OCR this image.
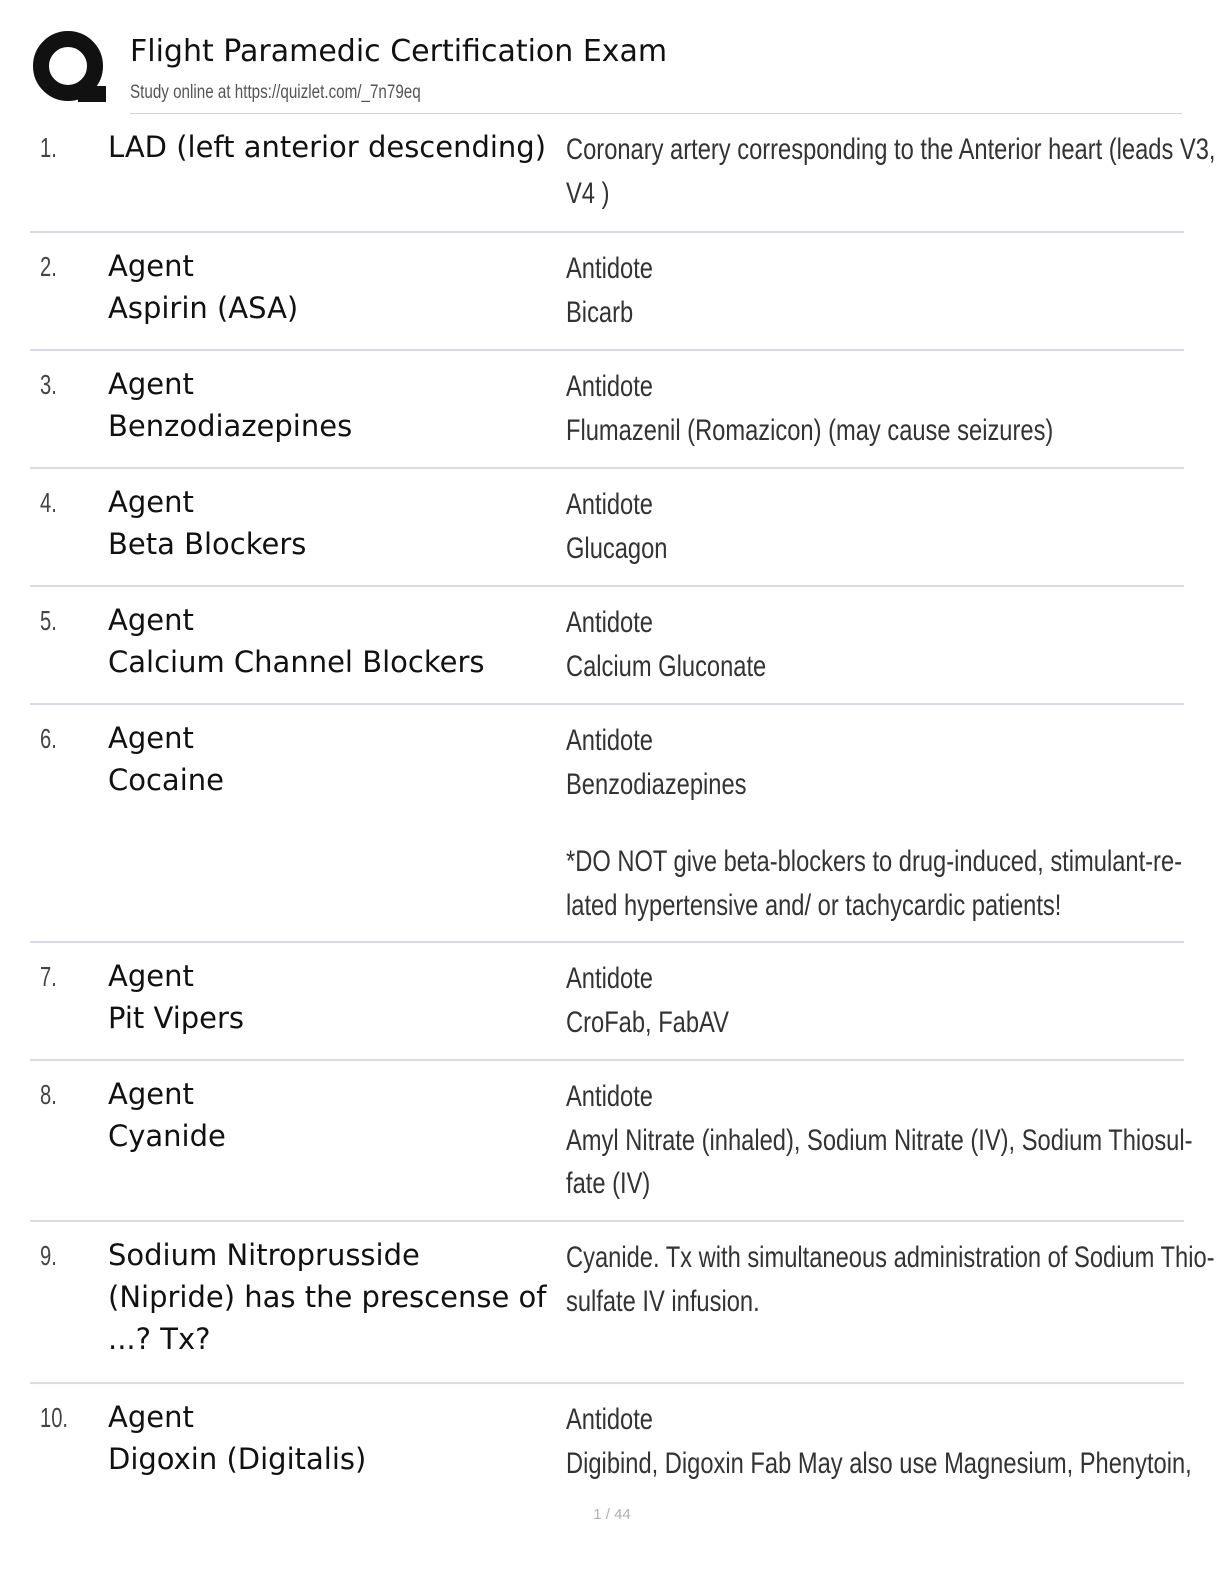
Flight Paramedic Certification Exam
Study online at https://quizlet.com/_7n79eq
1. LAD (left anterior descending) Coronary artery corresponding to the Anterior heart (leads V3,
V4 )
2. Agent
Aspirin (ASA)
Antidote
Bicarb
3. Agent
Benzodiazepines
Antidote
Flumazenil (Romazicon) (may cause seizures)
4. Agent
Beta Blockers
Antidote
Glucagon
5. Agent
Calcium Channel Blockers
Antidote
Calcium Gluconate
6. Agent
Cocaine
Antidote
Benzodiazepines
*DO NOT give beta-blockers to drug-induced, stimulant-re-
lated hypertensive and/ or tachycardic patients!
7. Agent
Pit Vipers
Antidote
CroFab, FabAV
8. Agent
Cyanide
Antidote
Amyl Nitrate (inhaled), Sodium Nitrate (IV), Sodium Thiosul-
fate (IV)
9. Sodium Nitroprusside
(Nipride) has the prescense of
...? Tx?
Cyanide. Tx with simultaneous administration of Sodium Thio-
sulfate IV infusion.
10. Agent
Digoxin (Digitalis)
Antidote
Digibind, Digoxin Fab May also use Magnesium, Phenytoin,
1 / 44
